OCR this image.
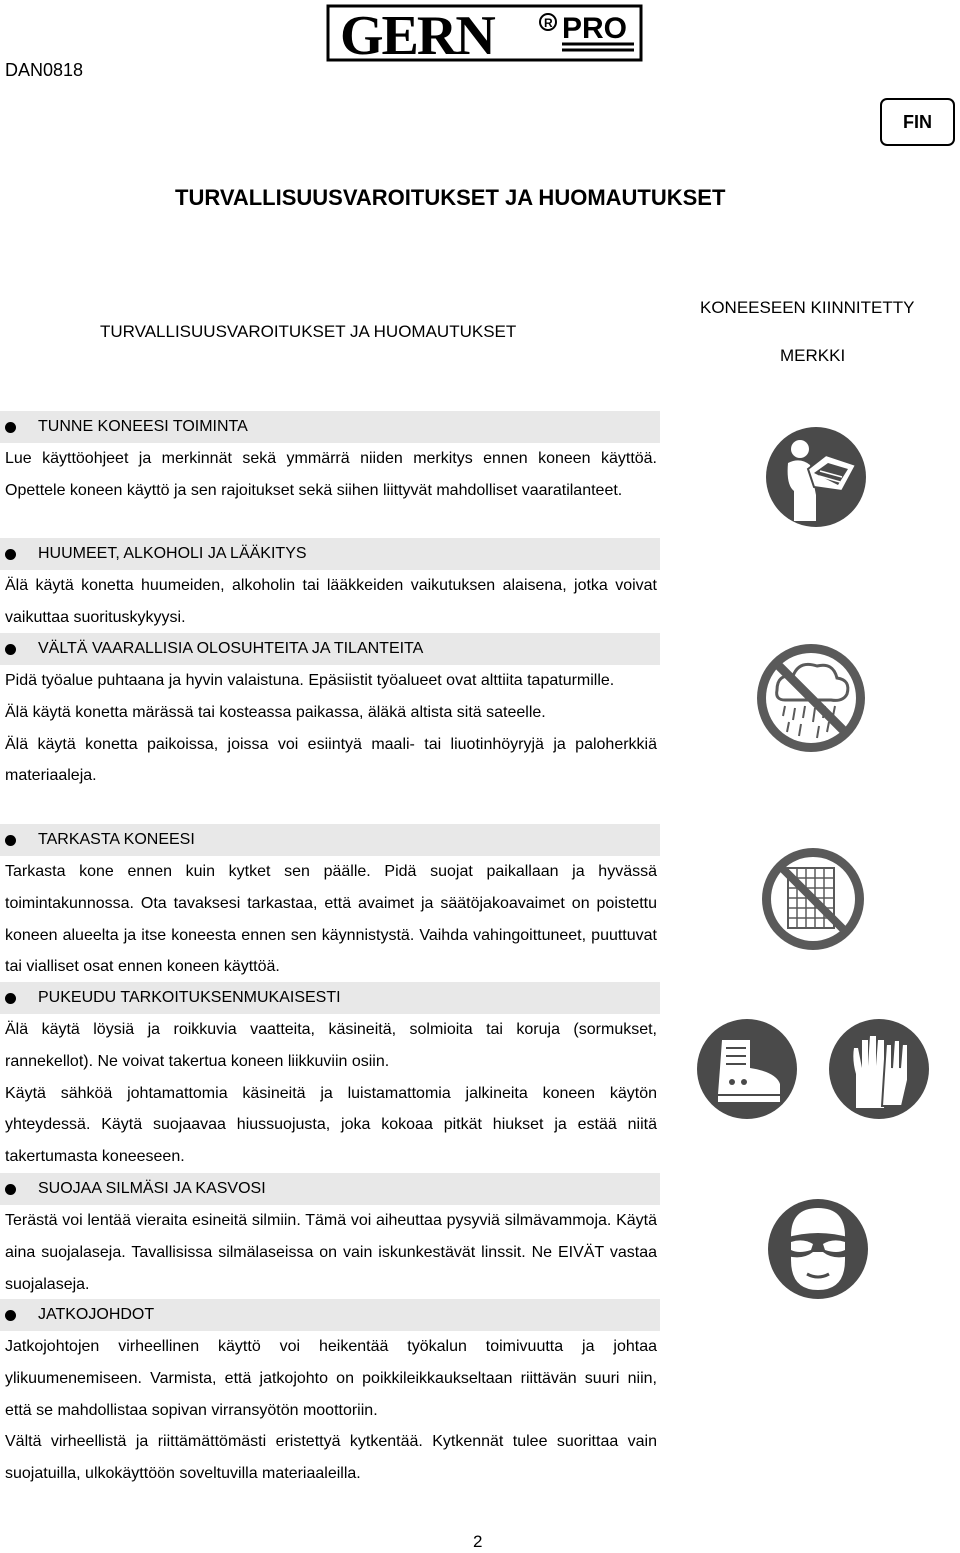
DAN0818
GERN	R PRO
FIN
TURVALLISUUSVAROITUKSET JA HUOMAUTUKSET
TURVALLISUUSVAROITUKSET JA HUOMAUTUKSET
KONEESEEN KIINNITETTY
MERKKI
TUNNE KONEESI TOIMINTA
Lue käyttöohjeet ja merkinnät sekä ymmärrä niiden merkitys ennen koneen käyttöä. Opettele koneen käyttö ja sen rajoitukset sekä siihen liittyvät mahdolliset vaaratilanteet.
HUUMEET, ALKOHOLI JA LÄÄKITYS
Älä käytä konetta huumeiden, alkoholin tai lääkkeiden vaikutuksen alaisena, jotka voivat vaikuttaa suorituskykyysi.
VÄLTÄ VAARALLISIA OLOSUHTEITA JA TILANTEITA
Pidä työalue puhtaana ja hyvin valaistuna. Epäsiistit työalueet ovat alttiita tapaturmille.
Älä käytä konetta märässä tai kosteassa paikassa, äläkä altista sitä sateelle.
Älä käytä konetta paikoissa, joissa voi esiintyä maali- tai liuotinhöyryjä ja paloherkkiä materiaaleja.
TARKASTA KONEESI
Tarkasta kone ennen kuin kytket sen päälle. Pidä suojat paikallaan ja hyvässä toimintakunnossa. Ota tavaksesi tarkastaa, että avaimet ja säätöjakoavaimet on poistettu koneen alueelta ja itse koneesta ennen sen käynnistystä. Vaihda vahingoittuneet, puuttuvat tai vialliset osat ennen koneen käyttöä.
PUKEUDU TARKOITUKSENMUKAISESTI
Älä käytä löysiä ja roikkuvia vaatteita, käsineitä, solmioita tai koruja (sormukset, rannekellot). Ne voivat takertua koneen liikkuviin osiin.
Käytä sähköä johtamattomia käsineitä ja luistamattomia jalkineita koneen käytön yhteydessä. Käytä suojaavaa hiussuojusta, joka kokoaa pitkät hiukset ja estää niitä takertumasta koneeseen.
SUOJAA SILMÄSI JA KASVOSI
Terästä voi lentää vieraita esineitä silmiin. Tämä voi aiheuttaa pysyviä silmävammoja. Käytä aina suojalaseja. Tavallisissa silmälaseissa on vain iskunkestävät linssit. Ne EIVÄT vastaa suojalaseja.
JATKOJOHDOT
Jatkojohtojen virheellinen käyttö voi heikentää työkalun toimivuutta ja johtaa ylikuumenemiseen. Varmista, että jatkojohto on poikkileikkaukseltaan riittävän suuri niin, että se mahdollistaa sopivan virransyötön moottoriin.
Vältä virheellistä ja riittämättömästi eristettyä kytkentää. Kytkennät tulee suorittaa vain suojatuilla, ulkokäyttöön soveltuvilla materiaaleilla.
2
